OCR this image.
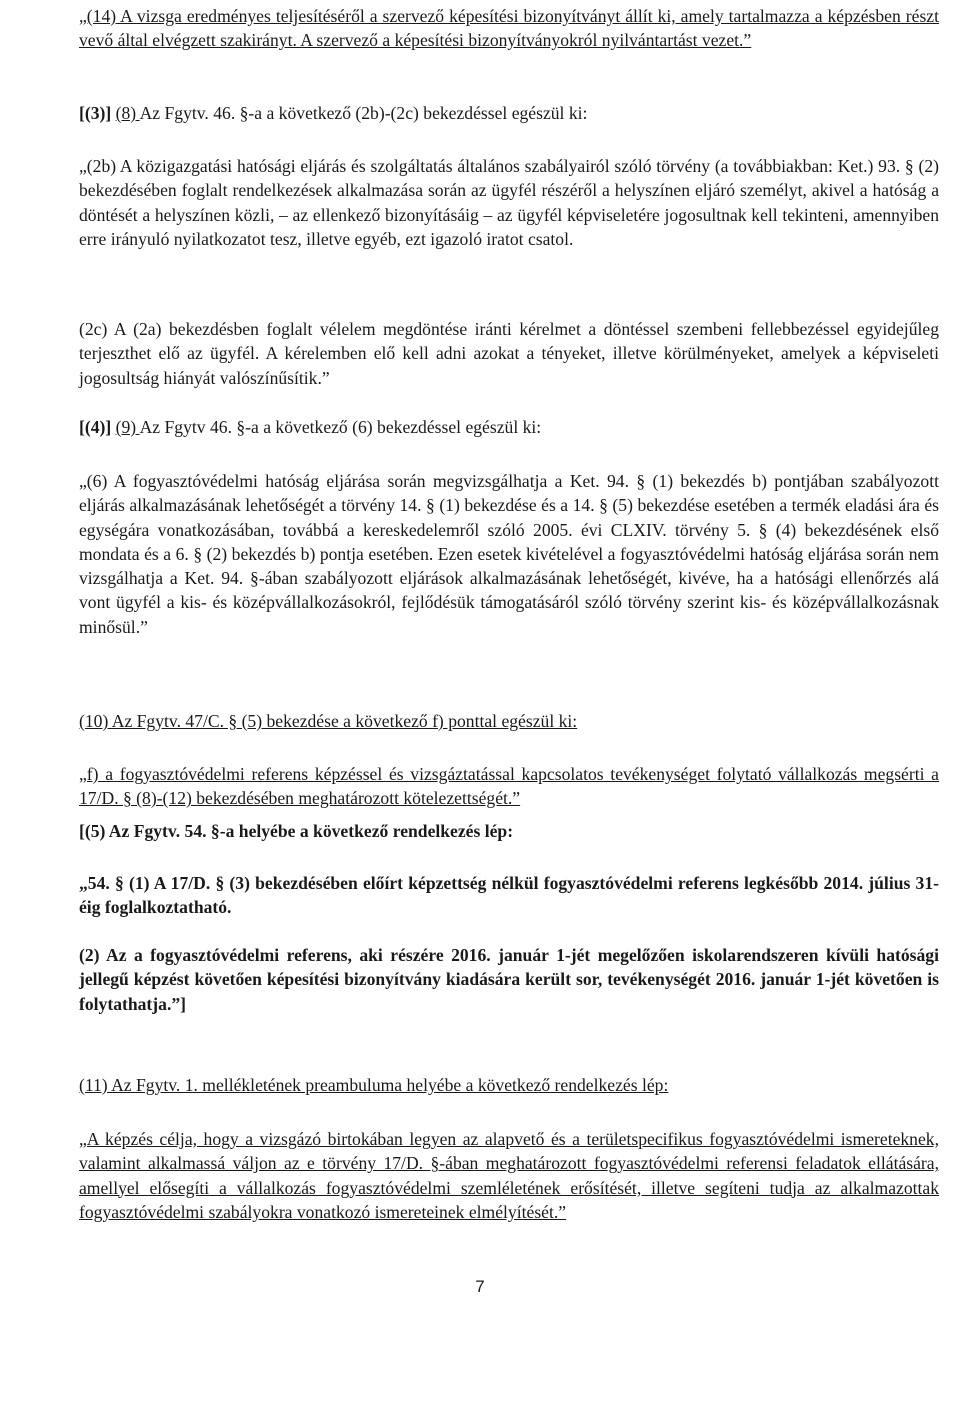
„(14) A vizsga eredményes teljesítéséről a szervező képesítési bizonyítványt állít ki, amely tartalmazza a képzésben részt vevő által elvégzett szakirányt. A szervező a képesítési bizonyítványokról nyilvántartást vezet.”

[(3)] (8) Az Fgytv. 46. §-a a következő (2b)-(2c) bekezdéssel egészül ki:

„(2b) A közigazgatási hatósági eljárás és szolgáltatás általános szabályairól szóló törvény (a továbbiakban: Ket.) 93. § (2) bekezdésében foglalt rendelkezések alkalmazása során az ügyfél részéről a helyszínen eljáró személyt, akivel a hatóság a döntését a helyszínen közli, – az ellenkező bizonyításáig – az ügyfél képviseletére jogosultnak kell tekinteni, amennyiben erre irányuló nyilatkozatot tesz, illetve egyéb, ezt igazoló iratot csatol.

(2c) A (2a) bekezdésben foglalt vélelem megdöntése iránti kérelmet a döntéssel szembeni fellebbezéssel egyidejűleg terjeszthet elő az ügyfél. A kérelemben elő kell adni azokat a tényeket, illetve körülményeket, amelyek a képviseleti jogosultság hiányát valószínűsítik.”

[(4)] (9) Az Fgytv 46. §-a a következő (6) bekezdéssel egészül ki:

„(6) A fogyasztóvédelmi hatóság eljárása során megvizsgálhatja a Ket. 94. § (1) bekezdés b) pontjában szabályozott eljárás alkalmazásának lehetőségét a törvény 14. § (1) bekezdése és a 14. § (5) bekezdése esetében a termék eladási ára és egységára vonatkozásában, továbbá a kereskedelemről szóló 2005. évi CLXIV. törvény 5. § (4) bekezdésének első mondata és a 6. § (2) bekezdés b) pontja esetében. Ezen esetek kivételével a fogyasztóvédelmi hatóság eljárása során nem vizsgálhatja a Ket. 94. §-ában szabályozott eljárások alkalmazásának lehetőségét, kivéve, ha a hatósági ellenőrzés alá vont ügyfél a kis- és középvállalkozásokról, fejlődésük támogatásáról szóló törvény szerint kis- és középvállalkozásnak minősül.”

(10) Az Fgytv. 47/C. § (5) bekezdése a következő f) ponttal egészül ki:

„f) a fogyasztóvédelmi referens képzéssel és vizsgáztatással kapcsolatos tevékenységet folytató vállalkozás megsérti a 17/D. § (8)-(12) bekezdésében meghatározott kötelezettségét.”

[(5) Az Fgytv. 54. §-a helyébe a következő rendelkezés lép:

„54. § (1) A 17/D. § (3) bekezdésében előírt képzettség nélkül fogyasztóvédelmi referens legkésőbb 2014. július 31-éig foglalkoztatható.

(2) Az a fogyasztóvédelmi referens, aki részére 2016. január 1-jét megelőzően iskolarendszeren kívüli hatósági jellegű képzést követően képesítési bizonyítvány kiadására került sor, tevékenységét 2016. január 1-jét követően is folytathatja.”]

(11) Az Fgytv. 1. mellékletének preambuluma helyébe a következő rendelkezés lép:

„A képzés célja, hogy a vizsgázó birtokában legyen az alapvető és a területspecifikus fogyasztóvédelmi ismereteknek, valamint alkalmassá váljon az e törvény 17/D. §-ában meghatározott fogyasztóvédelmi referensi feladatok ellátására, amellyel elősegíti a vállalkozás fogyasztóvédelmi szemléletének erősítését, illetve segíteni tudja az alkalmazottak fogyasztóvédelmi szabályokra vonatkozó ismereteinek elmélyítését.”

7
